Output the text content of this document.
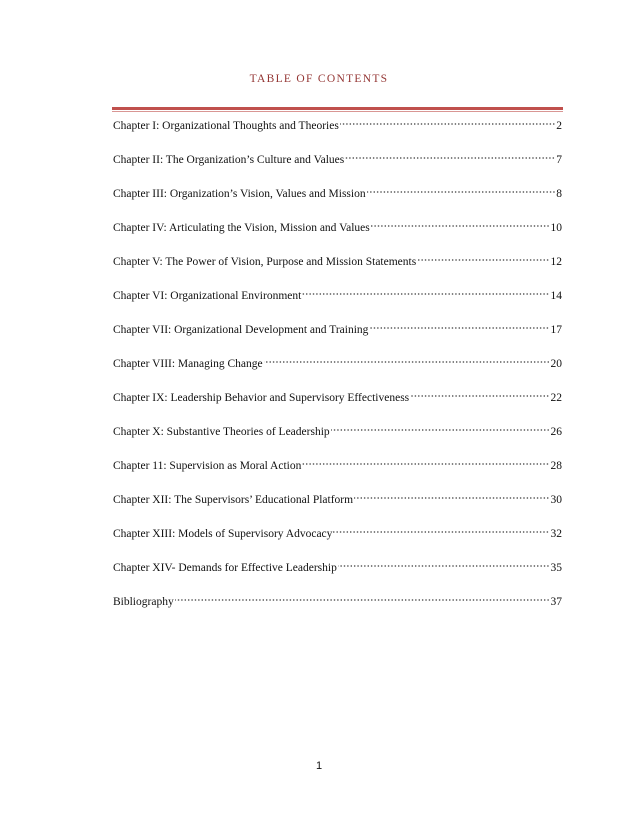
TABLE OF CONTENTS
Chapter I: Organizational Thoughts and Theories	2
Chapter II: The Organization’s Culture and Values	7
Chapter III: Organization’s Vision, Values and Mission	8
Chapter IV: Articulating the Vision, Mission and Values	10
Chapter V: The Power of Vision, Purpose and Mission Statements	12
Chapter VI: Organizational Environment	14
Chapter VII: Organizational Development and Training	17
Chapter VIII: Managing Change	20
Chapter IX: Leadership Behavior and Supervisory Effectiveness	22
Chapter X: Substantive Theories of Leadership	26
Chapter 11: Supervision as Moral Action	28
Chapter XII: The Supervisors’ Educational Platform	30
Chapter XIII: Models of Supervisory Advocacy	32
Chapter XIV- Demands for Effective Leadership	35
Bibliography	37
1
